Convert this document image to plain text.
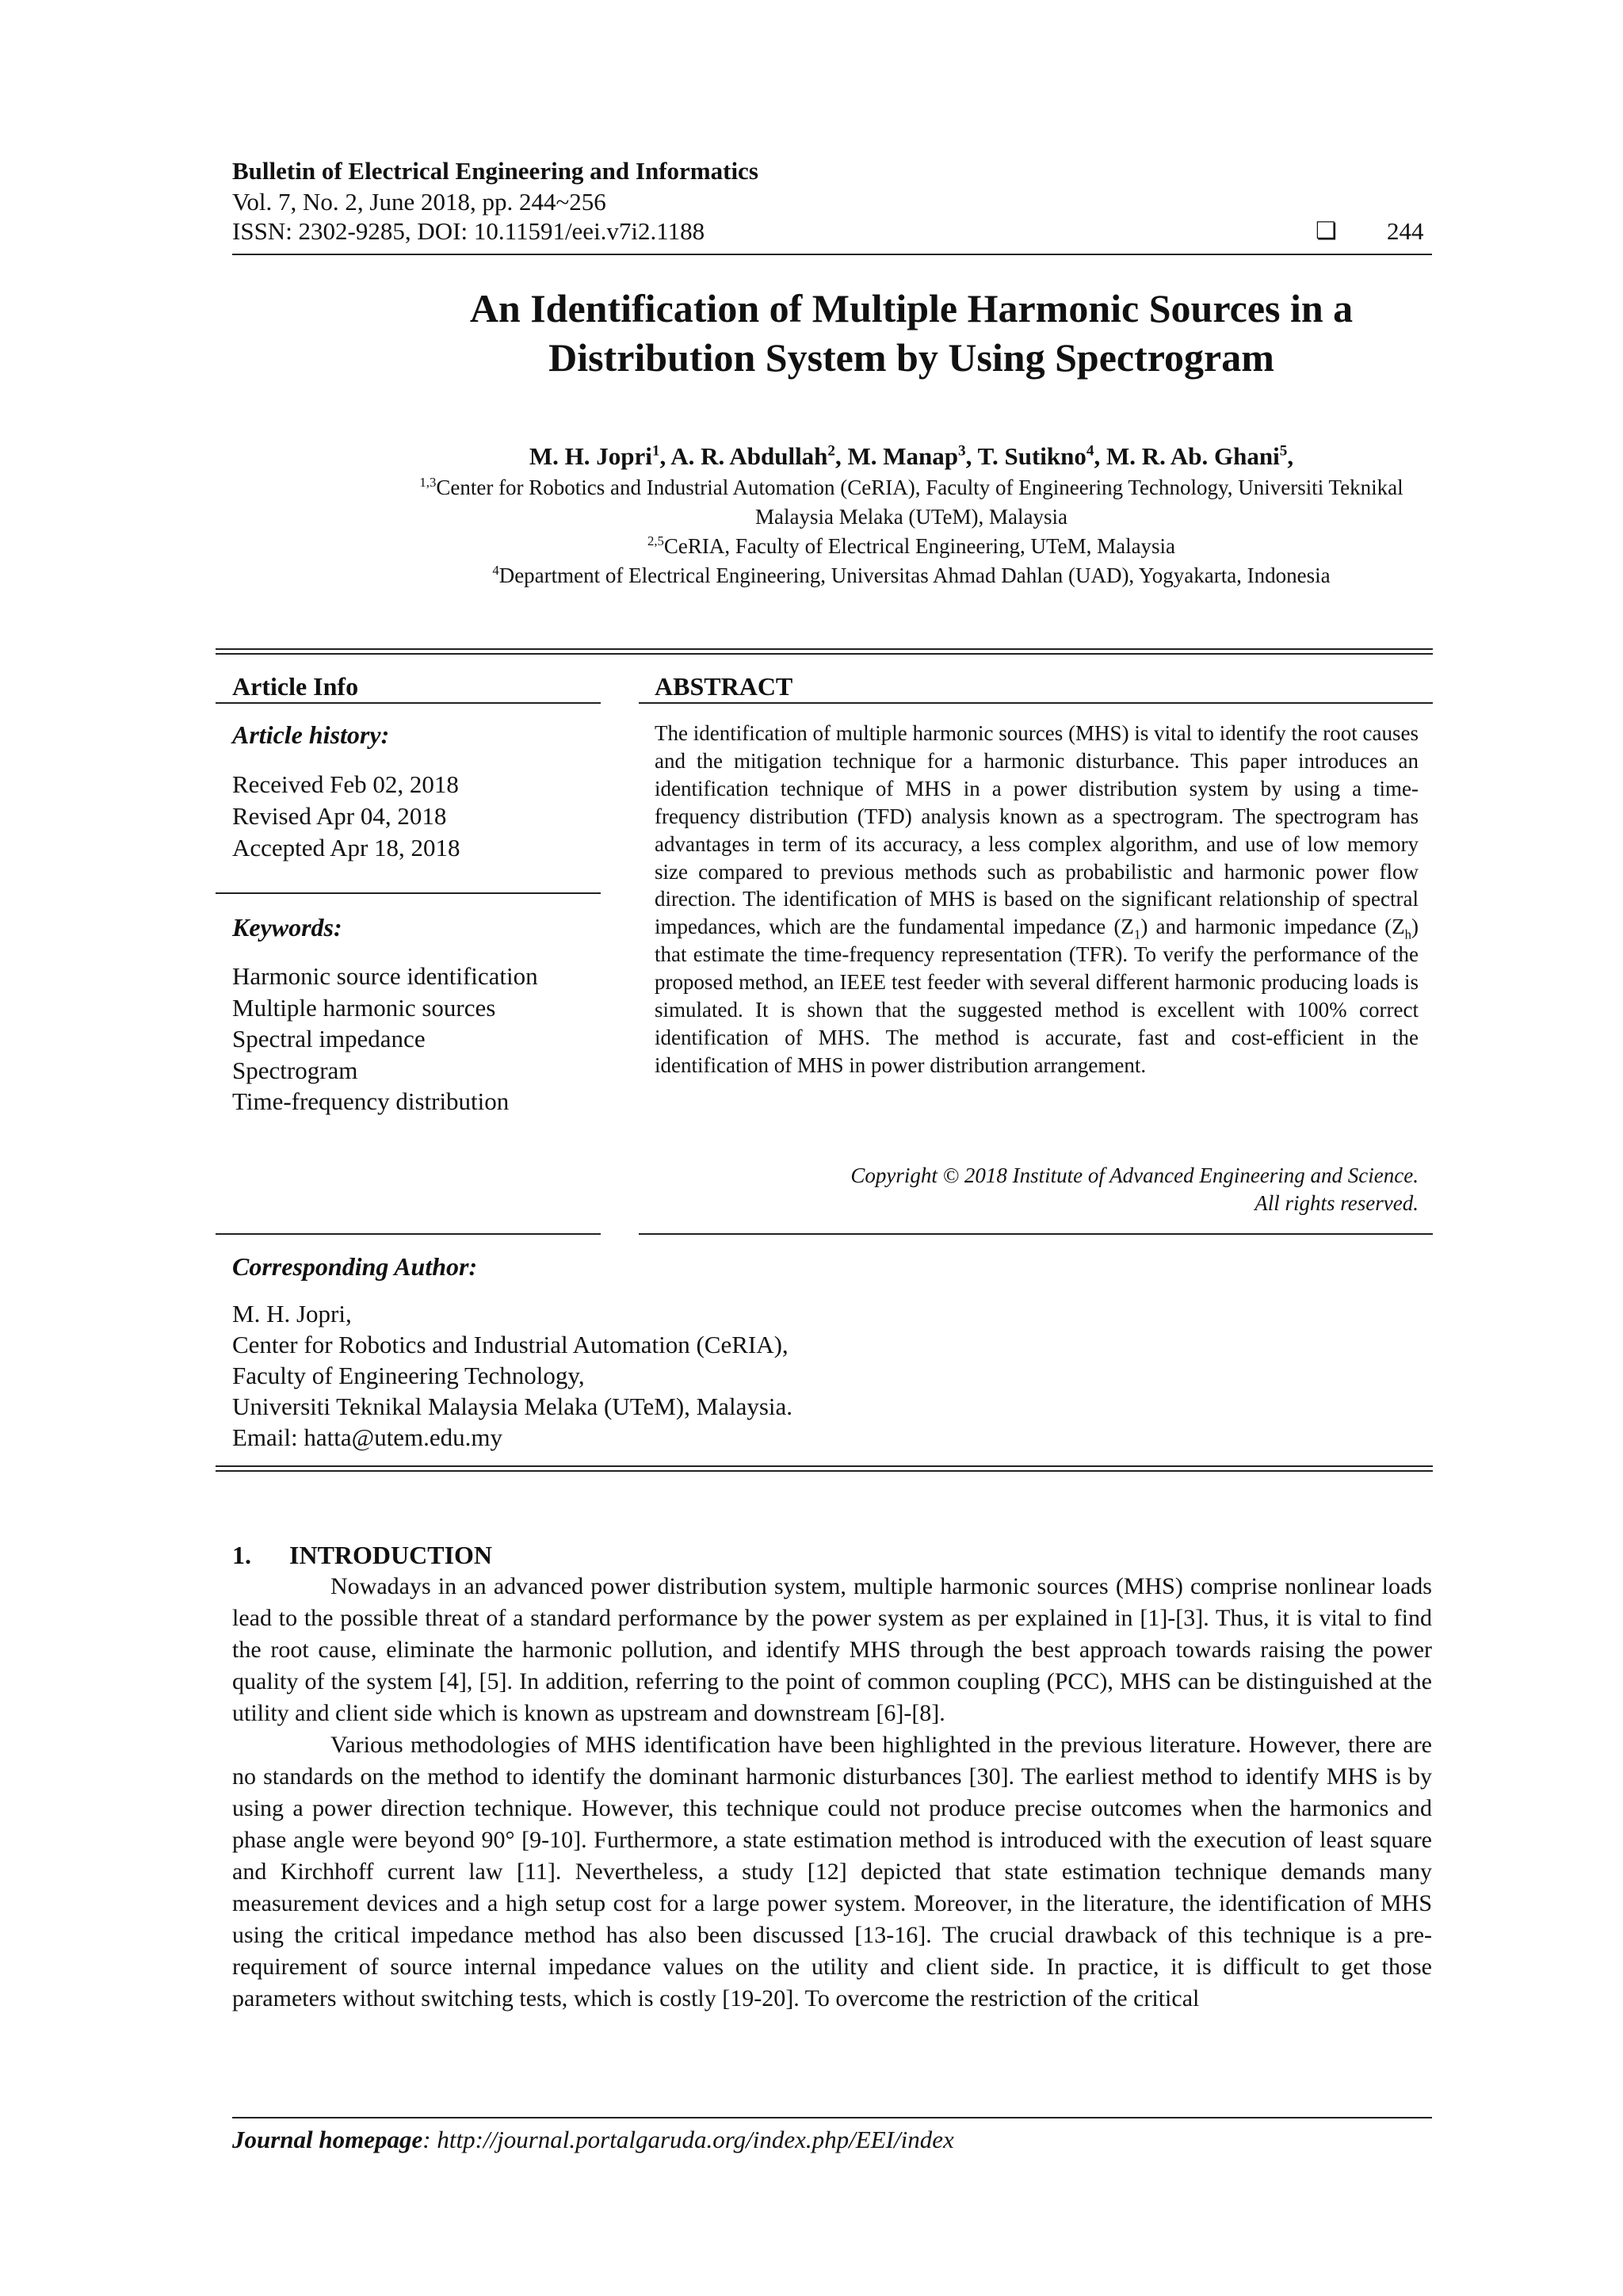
Bulletin of Electrical Engineering and Informatics
Vol. 7, No. 2, June 2018, pp. 244~256
ISSN: 2302-9285, DOI: 10.11591/eei.v7i2.1188	❏ 244
An Identification of Multiple Harmonic Sources in a
Distribution System by Using Spectrogram
M. H. Jopri$^1$, A. R. Abdullah$^2$, M. Manap$^3$, T. Sutikno$^4$, M. R. Ab. Ghani$^5$,
$^{1,3}$Center for Robotics and Industrial Automation (CeRIA), Faculty of Engineering Technology, Universiti Teknikal
Malaysia Melaka (UTeM), Malaysia
$^{2,5}$CeRIA, Faculty of Electrical Engineering, UTeM, Malaysia
$^4$Department of Electrical Engineering, Universitas Ahmad Dahlan (UAD), Yogyakarta, Indonesia
Article Info
Article history:
Received Feb 02, 2018
Revised Apr 04, 2018
Accepted Apr 18, 2018
Keywords:
Harmonic source identification
Multiple harmonic sources
Spectral impedance
Spectrogram
Time-frequency distribution
ABSTRACT
The identification of multiple harmonic sources (MHS) is vital to identify the root causes and the mitigation technique for a harmonic disturbance. This paper introduces an identification technique of MHS in a power distribution system by using a time-frequency distribution (TFD) analysis known as a spectrogram. The spectrogram has advantages in term of its accuracy, a less complex algorithm, and use of low memory size compared to previous methods such as probabilistic and harmonic power flow direction. The identification of MHS is based on the significant relationship of spectral impedances, which are the fundamental impedance $(Z_1)$ and harmonic impedance $(Z_h)$ that estimate the time-frequency representation (TFR). To verify the performance of the proposed method, an IEEE test feeder with several different harmonic producing loads is simulated. It is shown that the suggested method is excellent with 100% correct identification of MHS. The method is accurate, fast and cost-efficient in the identification of MHS in power distribution arrangement.
Copyright © 2018 Institute of Advanced Engineering and Science.
All rights reserved.
Corresponding Author:
M. H. Jopri,
Center for Robotics and Industrial Automation (CeRIA),
Faculty of Engineering Technology,
Universiti Teknikal Malaysia Melaka (UTeM), Malaysia.
Email: hatta@utem.edu.my
1.      INTRODUCTION

Nowadays in an advanced power distribution system, multiple harmonic sources (MHS) comprise nonlinear loads lead to the possible threat of a standard performance by the power system as per explained in [1]-[3]. Thus, it is vital to find the root cause, eliminate the harmonic pollution, and identify MHS through the best approach towards raising the power quality of the system [4], [5]. In addition, referring to the point of common coupling (PCC), MHS can be distinguished at the utility and client side which is known as upstream and downstream [6]-[8].

Various methodologies of MHS identification have been highlighted in the previous literature. However, there are no standards on the method to identify the dominant harmonic disturbances [30]. The earliest method to identify MHS is by using a power direction technique. However, this technique could not produce precise outcomes when the harmonics and phase angle were beyond 90° [9-10]. Furthermore, a state estimation method is introduced with the execution of least square and Kirchhoff current law [11]. Nevertheless, a study [12] depicted that state estimation technique demands many measurement devices and a high setup cost for a large power system. Moreover, in the literature, the identification of MHS using the critical impedance method has also been discussed [13-16]. The crucial drawback of this technique is a pre-requirement of source internal impedance values on the utility and client side. In practice, it is difficult to get those parameters without switching tests, which is costly [19-20]. To overcome the restriction of the critical

Journal homepage: http://journal.portalgaruda.org/index.php/EEI/index
